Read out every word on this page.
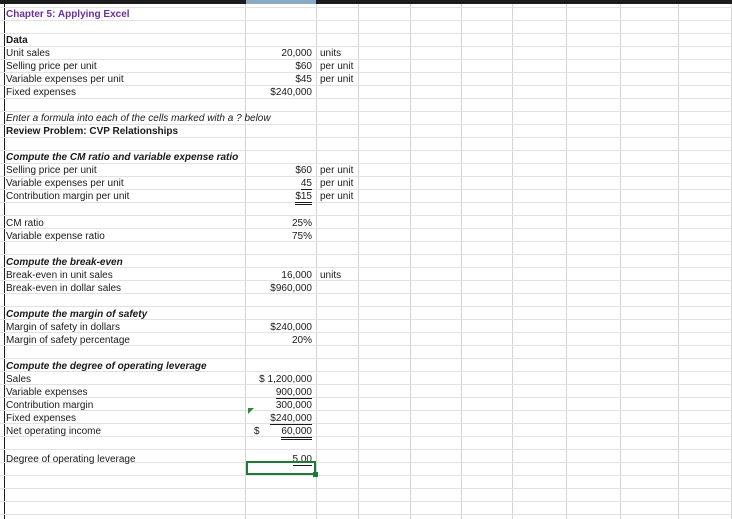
Chapter 5: Applying Excel
Data
Unit sales	20,000 units
Selling price per unit	$60 per unit
Variable expenses per unit	$45 per unit
Fixed expenses	$240,000
Enter a formula into each of the cells marked with a ? below
Review Problem: CVP Relationships
Compute the CM ratio and variable expense ratio
Selling price per unit	$60 per unit
Variable expenses per unit	45 per unit
Contribution margin per unit	$15 per unit
CM ratio	25%
Variable expense ratio	75%
Compute the break-even
Break-even in unit sales	16,000 units
Break-even in dollar sales	$960,000
Compute the margin of safety
Margin of safety in dollars	$240,000
Margin of safety percentage	20%
Compute the degree of operating leverage
Sales	$ 1,200,000
Variable expenses	900,000
Contribution margin	300,000
Fixed expenses	$240,000
Net operating income	$	60,000
Degree of operating leverage	5.00
